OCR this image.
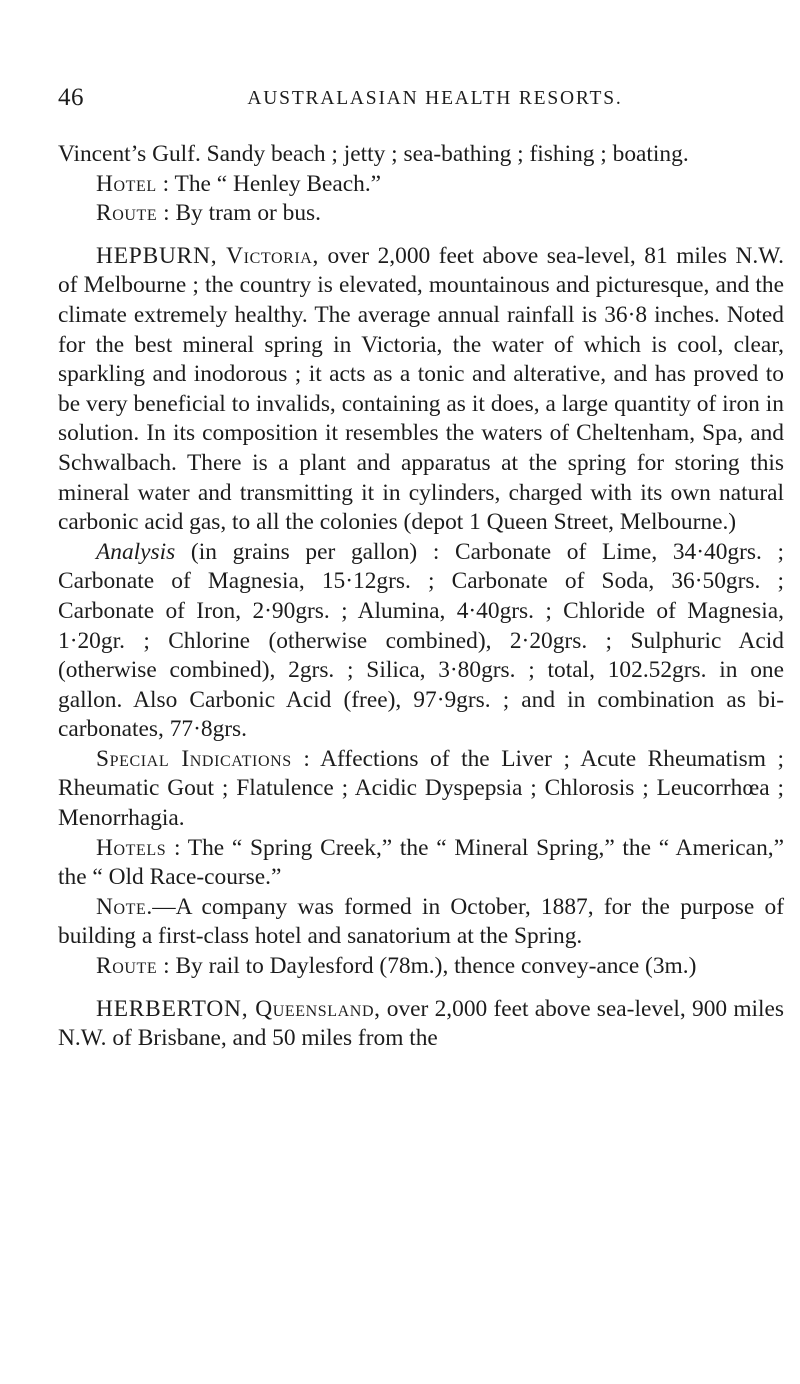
46	AUSTRALASIAN HEALTH RESORTS.

Vincent’s Gulf. Sandy beach ; jetty ; sea-bathing ; fishing ; boating.

Hotel : The “ Henley Beach.”

Route : By tram or bus.

HEPBURN, Victoria, over 2,000 feet above sea-level, 81 miles N.W. of Melbourne ; the country is elevated, mountainous and picturesque, and the climate extremely healthy. The average annual rainfall is 36·8 inches. Noted for the best mineral spring in Victoria, the water of which is cool, clear, sparkling and inodorous ; it acts as a tonic and alterative, and has proved to be very beneficial to invalids, containing as it does, a large quantity of iron in solution. In its composition it resembles the waters of Cheltenham, Spa, and Schwalbach. There is a plant and apparatus at the spring for storing this mineral water and transmitting it in cylinders, charged with its own natural carbonic acid gas, to all the colonies (depot 1 Queen Street, Melbourne.)

Analysis (in grains per gallon) : Carbonate of Lime, 34·40grs. ; Carbonate of Magnesia, 15·12grs. ; Carbonate of Soda, 36·50grs. ; Carbonate of Iron, 2·90grs. ; Alumina, 4·40grs. ; Chloride of Magnesia, 1·20gr. ; Chlorine (otherwise combined), 2·20grs. ; Sulphuric Acid (otherwise combined), 2grs. ; Silica, 3·80grs. ; total, 102.52grs. in one gallon. Also Carbonic Acid (free), 97·9grs. ; and in combination as bi-carbonates, 77·8grs.

Special Indications : Affections of the Liver ; Acute Rheumatism ; Rheumatic Gout ; Flatulence ; Acidic Dyspepsia ; Chlorosis ; Leucorrhœa ; Menorrhagia.

Hotels : The “ Spring Creek,” the “ Mineral Spring,” the “ American,” the “ Old Race-course.”

Note.—A company was formed in October, 1887, for the purpose of building a first-class hotel and sanatorium at the Spring.

Route : By rail to Daylesford (78m.), thence convey-ance (3m.)

HERBERTON, Queensland, over 2,000 feet above sea-level, 900 miles N.W. of Brisbane, and 50 miles from the
